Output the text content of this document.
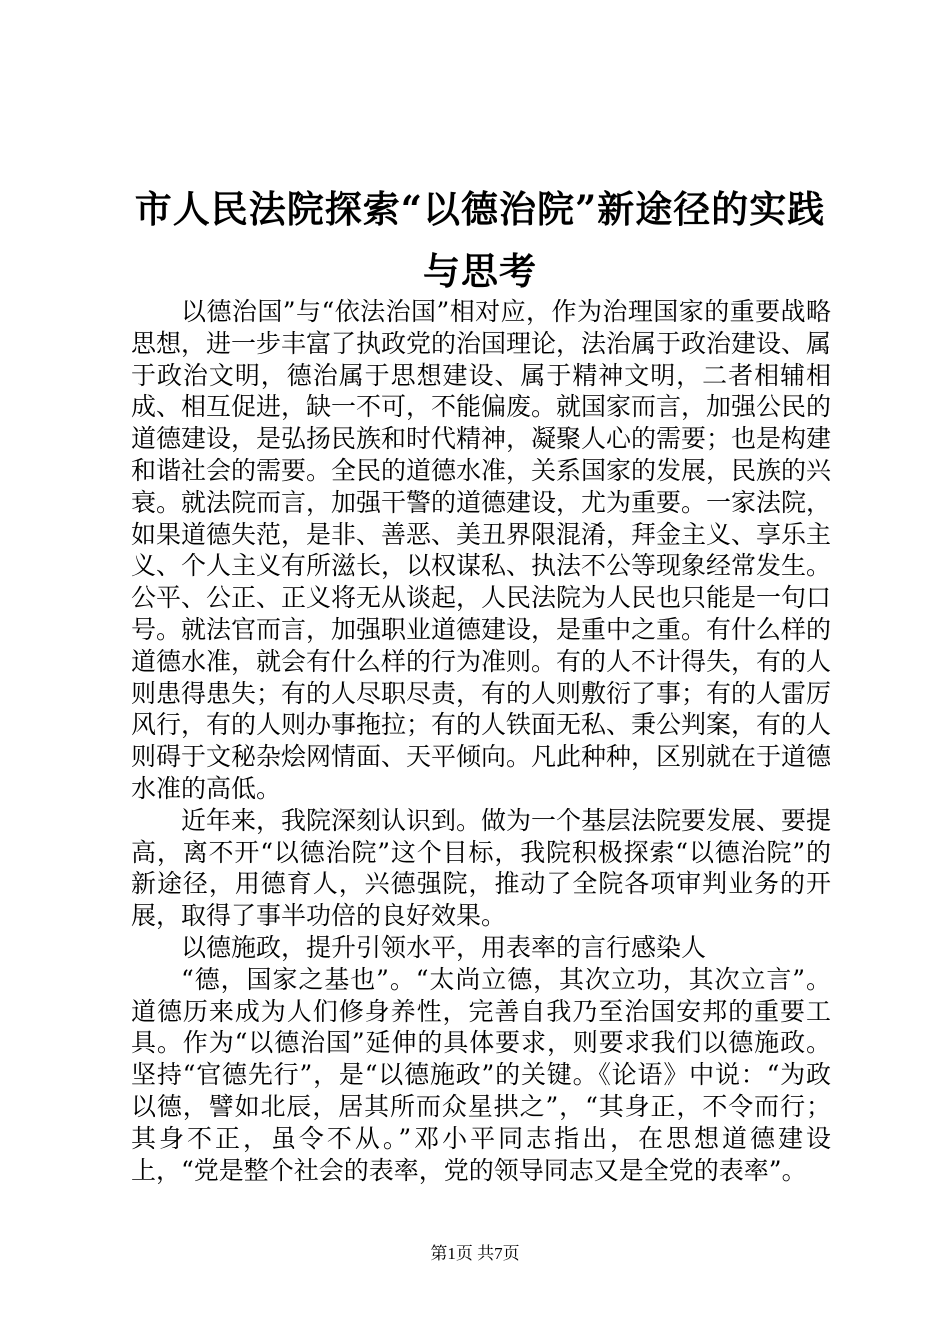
市人民法院探索“以德治院”新途径的实践与思考

以德治国”与“依法治国”相对应，作为治理国家的重要战略思想，进一步丰富了执政党的治国理论，法治属于政治建设、属于政治文明，德治属于思想建设、属于精神文明，二者相辅相成、相互促进，缺一不可，不能偏废。就国家而言，加强公民的道德建设，是弘扬民族和时代精神，凝聚人心的需要；也是构建和谐社会的需要。全民的道德水准，关系国家的发展，民族的兴衰。就法院而言，加强干警的道德建设，尤为重要。一家法院，如果道德失范，是非、善恶、美丑界限混淆，拜金主义、享乐主义、个人主义有所滋长，以权谋私、执法不公等现象经常发生。公平、公正、正义将无从谈起，人民法院为人民也只能是一句口号。就法官而言，加强职业道德建设，是重中之重。有什么样的道德水准，就会有什么样的行为准则。有的人不计得失，有的人则患得患失；有的人尽职尽责，有的人则敷衍了事；有的人雷厉风行，有的人则办事拖拉；有的人铁面无私、秉公判案，有的人则碍于文秘杂烩网情面、天平倾向。凡此种种，区别就在于道德水准的高低。

近年来，我院深刻认识到。做为一个基层法院要发展、要提高，离不开“以德治院”这个目标，我院积极探索“以德治院”的新途径，用德育人，兴德强院，推动了全院各项审判业务的开展，取得了事半功倍的良好效果。

以德施政，提升引领水平，用表率的言行感染人

“德，国家之基也”。“太尚立德，其次立功，其次立言”。道德历来成为人们修身养性，完善自我乃至治国安邦的重要工具。作为“以德治国”延伸的具体要求，则要求我们以德施政。坚持“官德先行”，是“以德施政”的关键。《论语》中说：“为政以德，譬如北辰，居其所而众星拱之”，“其身正，不令而行；其身不正，虽令不从。”邓小平同志指出，在思想道德建设上，“党是整个社会的表率，党的领导同志又是全党的表率”。

第1页 共7页
